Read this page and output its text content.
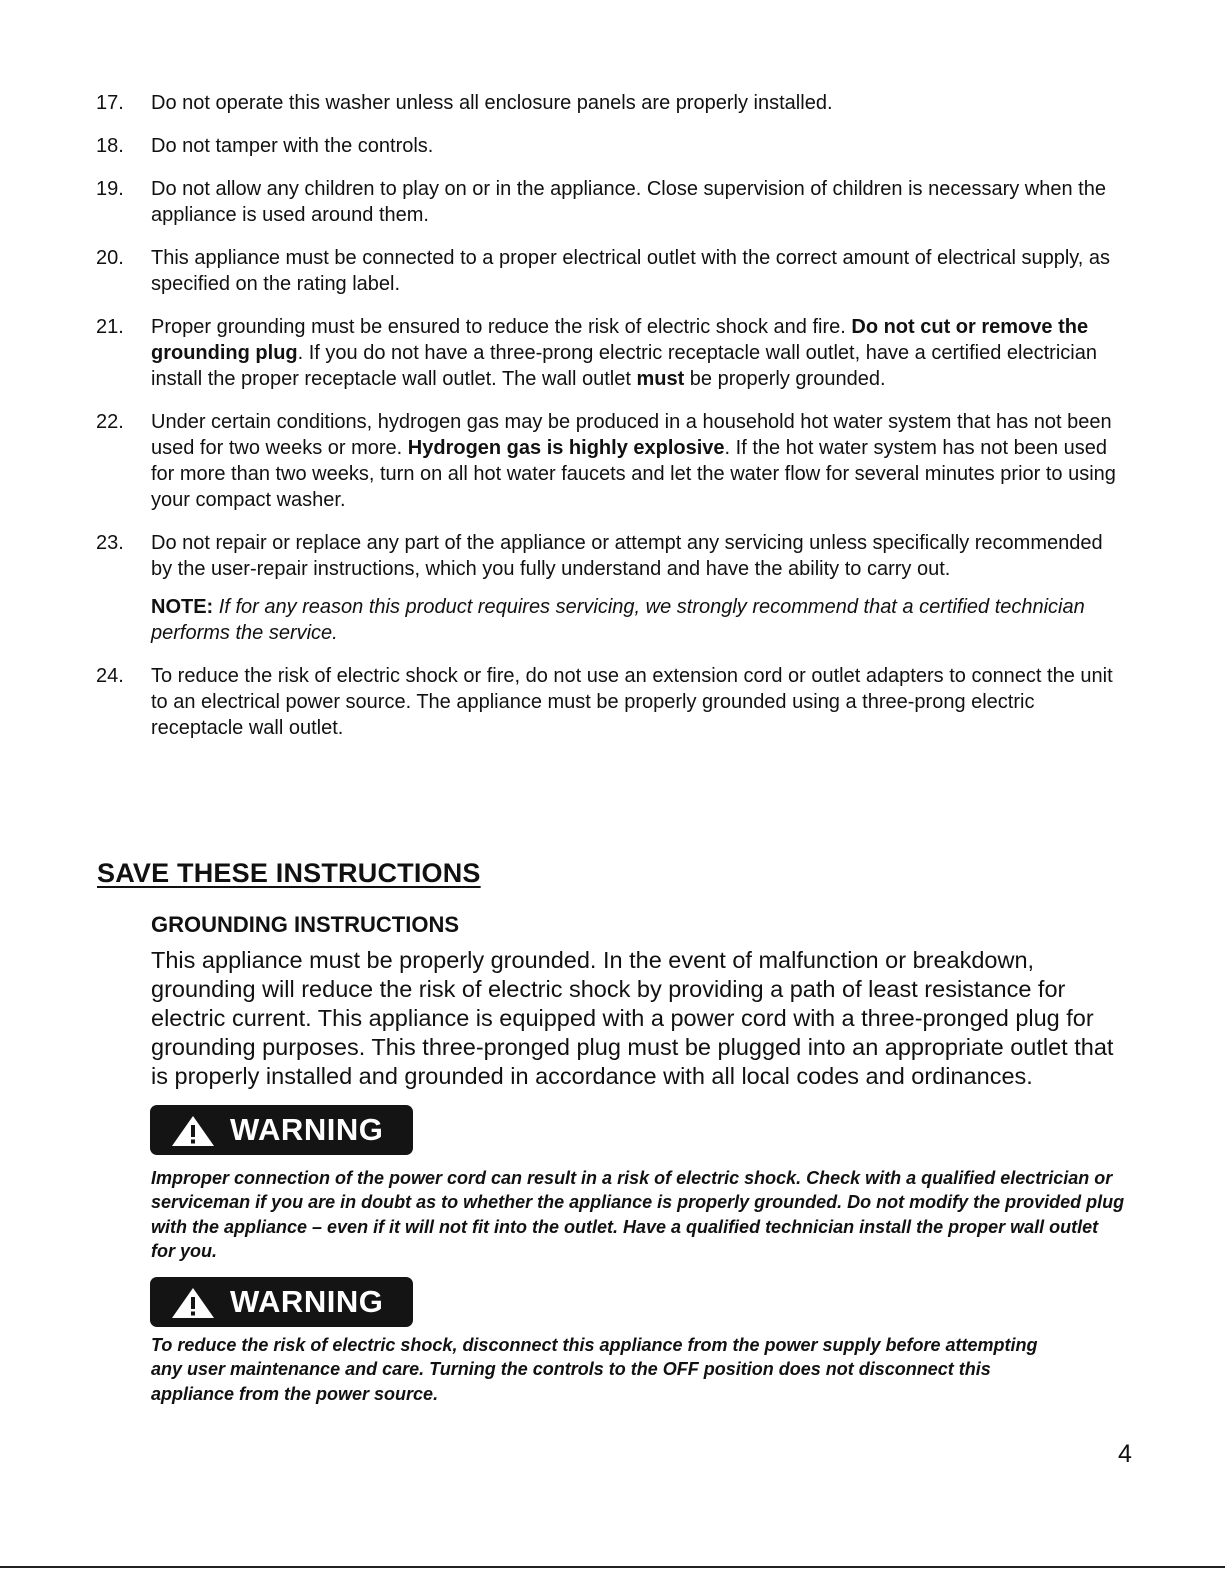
17.	Do not operate this washer unless all enclosure panels are properly installed.
18.	Do not tamper with the controls.
19.	Do not allow any children to play on or in the appliance. Close supervision of children is necessary when the appliance is used around them.
20.	This appliance must be connected to a proper electrical outlet with the correct amount of electrical supply, as specified on the rating label.
21.	Proper grounding must be ensured to reduce the risk of electric shock and fire. Do not cut or remove the grounding plug. If you do not have a three-prong electric receptacle wall outlet, have a certified electrician install the proper receptacle wall outlet. The wall outlet must be properly grounded.
22.	Under certain conditions, hydrogen gas may be produced in a household hot water system that has not been used for two weeks or more. Hydrogen gas is highly explosive. If the hot water system has not been used for more than two weeks, turn on all hot water faucets and let the water flow for several minutes prior to using your compact washer.
23.	Do not repair or replace any part of the appliance or attempt any servicing unless specifically recommended by the user-repair instructions, which you fully understand and have the ability to carry out.
NOTE: If for any reason this product requires servicing, we strongly recommend that a certified technician performs the service.
24.	To reduce the risk of electric shock or fire, do not use an extension cord or outlet adapters to connect the unit to an electrical power source. The appliance must be properly grounded using a three-prong electric receptacle wall outlet.
SAVE THESE INSTRUCTIONS
GROUNDING INSTRUCTIONS
This appliance must be properly grounded. In the event of malfunction or breakdown, grounding will reduce the risk of electric shock by providing a path of least resistance for electric current. This appliance is equipped with a power cord with a three-pronged plug for grounding purposes. This three-pronged plug must be plugged into an appropriate outlet that is properly installed and grounded in accordance with all local codes and ordinances.
WARNING
Improper connection of the power cord can result in a risk of electric shock. Check with a qualified electrician or serviceman if you are in doubt as to whether the appliance is properly grounded. Do not modify the provided plug with the appliance – even if it will not fit into the outlet. Have a qualified technician install the proper wall outlet for you.
WARNING
To reduce the risk of electric shock, disconnect this appliance from the power supply before attempting any user maintenance and care. Turning the controls to the OFF position does not disconnect this appliance from the power source.
4
